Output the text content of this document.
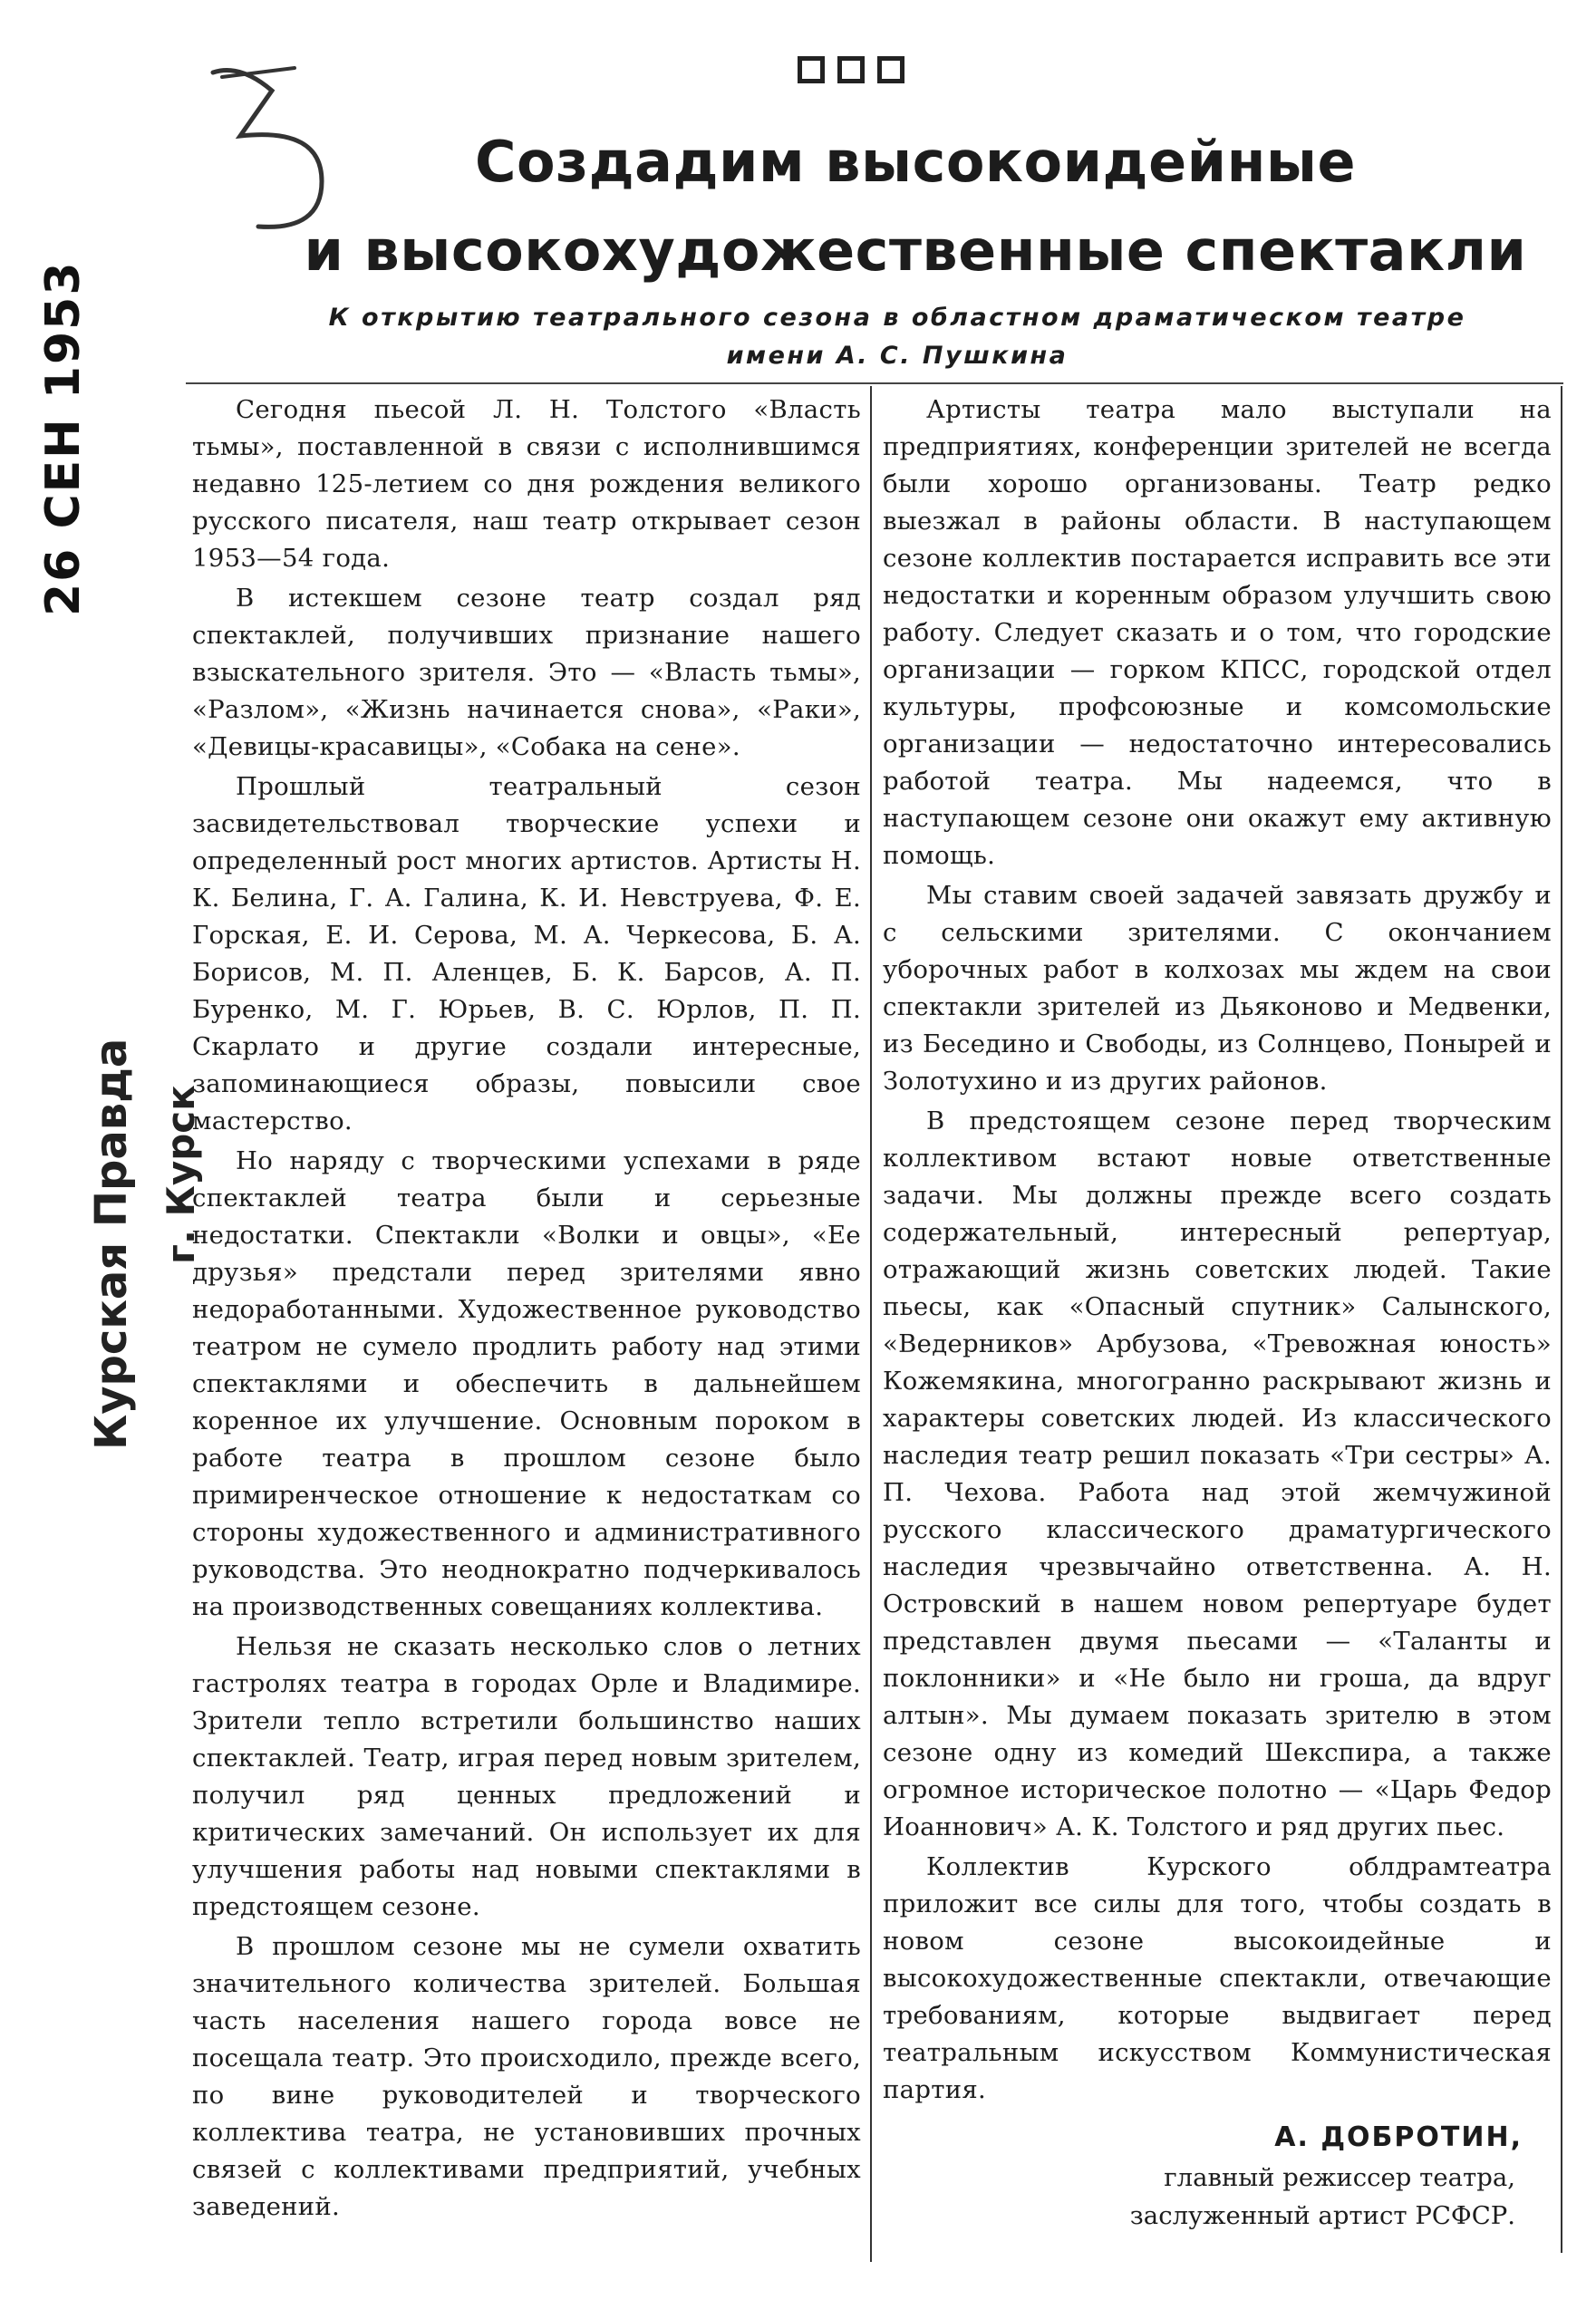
26 СЕН 1953
Курская Правда г. Курск
Создадим высокоидейные
и высокохудожественные спектакли
К открытию театрального сезона в областном драматическом театре
имени А. С. Пушкина

Сегодня пьесой Л. Н. Толстого «Власть тьмы», поставленной в связи с исполнившимся недавно 125-летием со дня рождения великого русского писателя, наш театр открывает сезон 1953—54 года.

В истекшем сезоне театр создал ряд спектаклей, получивших признание нашего взыскательного зрителя. Это — «Власть тьмы», «Разлом», «Жизнь начинается снова», «Раки», «Девицы-красавицы», «Собака на сене».

Прошлый театральный сезон засвидетельствовал творческие успехи и определенный рост многих артистов. Артисты Н. К. Белина, Г. А. Галина, К. И. Невструева, Ф. Е. Горская, Е. И. Серова, М. А. Черкесова, Б. А. Борисов, М. П. Аленцев, Б. К. Барсов, А. П. Буренко, М. Г. Юрьев, В. С. Юрлов, П. П. Скарлато и другие создали интересные, запоминающиеся образы, повысили свое мастерство.

Но наряду с творческими успехами в ряде спектаклей театра были и серьезные недостатки. Спектакли «Волки и овцы», «Ее друзья» предстали перед зрителями явно недоработанными. Художественное руководство театром не сумело продлить работу над этими спектаклями и обеспечить в дальнейшем коренное их улучшение. Основным пороком в работе театра в прошлом сезоне было примиренческое отношение к недостаткам со стороны художественного и административного руководства. Это неоднократно подчеркивалось на производственных совещаниях коллектива.

Нельзя не сказать несколько слов о летних гастролях театра в городах Орле и Владимире. Зрители тепло встретили большинство наших спектаклей. Театр, играя перед новым зрителем, получил ряд ценных предложений и критических замечаний. Он использует их для улучшения работы над новыми спектаклями в предстоящем сезоне.

В прошлом сезоне мы не сумели охватить значительного количества зрителей. Большая часть населения нашего города вовсе не посещала театр. Это происходило, прежде всего, по вине руководителей и творческого коллектива театра, не установивших прочных связей с коллективами предприятий, учебных заведений.

Артисты театра мало выступали на предприятиях, конференции зрителей не всегда были хорошо организованы. Театр редко выезжал в районы области. В наступающем сезоне коллектив постарается исправить все эти недостатки и коренным образом улучшить свою работу. Следует сказать и о том, что городские организации — горком КПСС, городской отдел культуры, профсоюзные и комсомольские организации — недостаточно интересовались работой театра. Мы надеемся, что в наступающем сезоне они окажут ему активную помощь.

Мы ставим своей задачей завязать дружбу и с сельскими зрителями. С окончанием уборочных работ в колхозах мы ждем на свои спектакли зрителей из Дьяконово и Медвенки, из Беседино и Свободы, из Солнцево, Поныpей и Золотухино и из других районов.

В предстоящем сезоне перед творческим коллективом встают новые ответственные задачи. Мы должны прежде всего создать содержательный, интересный репертуар, отражающий жизнь советских людей. Такие пьесы, как «Опасный спутник» Салынского, «Ведерников» Арбузова, «Тревожная юность» Кожемякина, многогранно раскрывают жизнь и характеры советских людей. Из классического наследия театр решил показать «Три сестры» А. П. Чехова. Работа над этой жемчужиной русского классического драматургического наследия чрезвычайно ответственна. А. Н. Островский в нашем новом репертуаре будет представлен двумя пьесами — «Таланты и поклонники» и «Не было ни гроша, да вдруг алтын». Мы думаем показать зрителю в этом сезоне одну из комедий Шекспира, а также огромное историческое полотно — «Царь Федор Иоаннович» А. К. Толстого и ряд других пьес.

Коллектив Курского облдрамтеатра приложит все силы для того, чтобы создать в новом сезоне высокоидейные и высокохудожественные спектакли, отвечающие требованиям, которые выдвигает перед театральным искусством Коммунистическая партия.

А. ДОБРОТИН,
главный режиссер театра,
заслуженный артист РСФСР.
